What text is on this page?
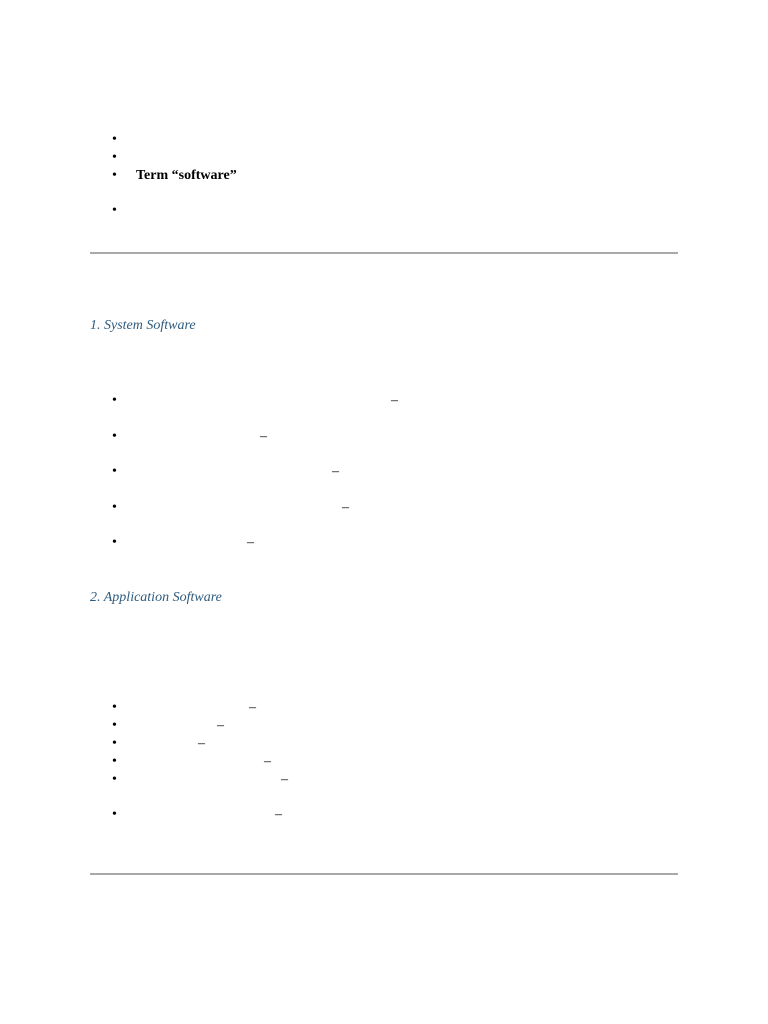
•
•
•	Term “software”
•
1. System Software
•	–
•	–
•	–
•	–
•	–
2. Application Software
•	–
•	–
•	–
•	–
•	–
•	–
